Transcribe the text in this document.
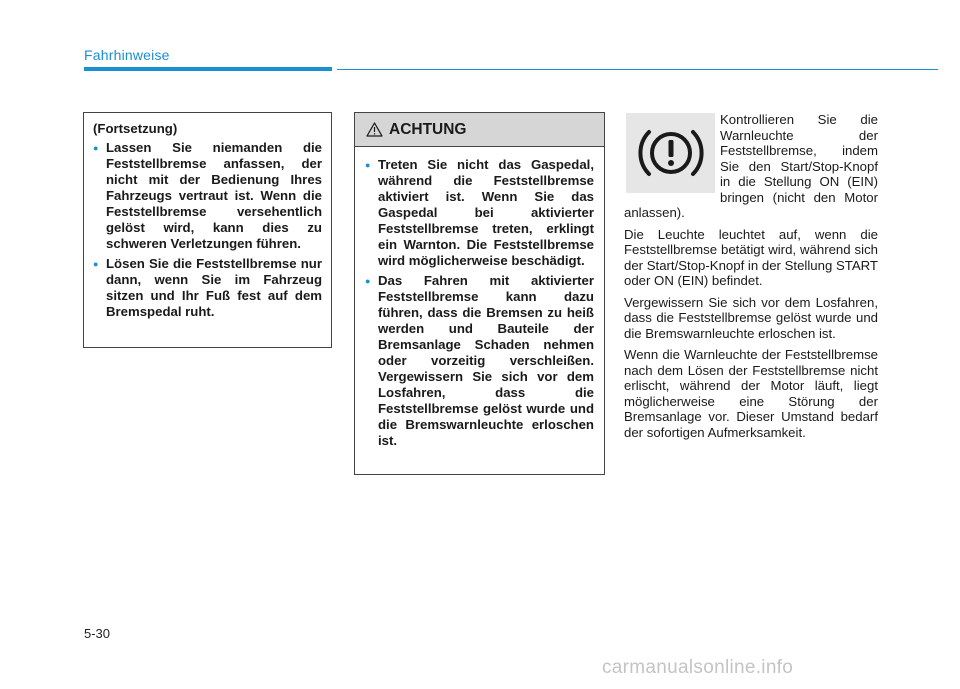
Fahrhinweise
(Fortsetzung)
● Lassen Sie niemanden die Feststellbremse anfassen, der nicht mit der Bedienung Ihres Fahrzeugs vertraut ist. Wenn die Feststellbremse versehentlich gelöst wird, kann dies zu schweren Verletzungen führen.
● Lösen Sie die Feststellbremse nur dann, wenn Sie im Fahrzeug sitzen und Ihr Fuß fest auf dem Bremspedal ruht.
ACHTUNG
● Treten Sie nicht das Gaspedal, während die Feststellbremse aktiviert ist. Wenn Sie das Gaspedal bei aktivierter Feststellbremse treten, erklingt ein Warnton. Die Feststellbremse wird möglicherweise beschädigt.
● Das Fahren mit aktivierter Feststellbremse kann dazu führen, dass die Bremsen zu heiß werden und Bauteile der Bremsanlage Schaden nehmen oder vorzeitig verschleißen. Vergewissern Sie sich vor dem Losfahren, dass die Feststellbremse gelöst wurde und die Bremswarnleuchte erloschen ist.

Kontrollieren Sie die Warnleuchte der Feststellbremse, indem Sie den Start/Stop-Knopf in die Stellung ON (EIN) bringen (nicht den Motor anlassen).

Die Leuchte leuchtet auf, wenn die Feststellbremse betätigt wird, während sich der Start/Stop-Knopf in der Stellung START oder ON (EIN) befindet.

Vergewissern Sie sich vor dem Losfahren, dass die Feststellbremse gelöst wurde und die Bremswarnleuchte erloschen ist.

Wenn die Warnleuchte der Feststellbremse nach dem Lösen der Feststellbremse nicht erlischt, während der Motor läuft, liegt möglicherweise eine Störung der Bremsanlage vor. Dieser Umstand bedarf der sofortigen Aufmerksamkeit.

5-30
carmanualsonline.info
